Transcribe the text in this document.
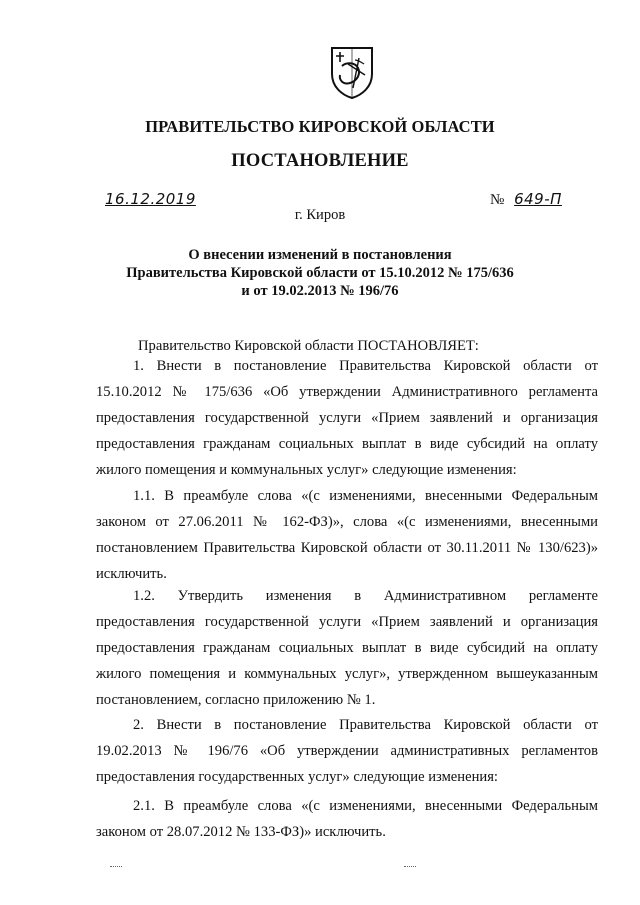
ПРАВИТЕЛЬСТВО КИРОВСКОЙ ОБЛАСТИ
ПОСТАНОВЛЕНИЕ
16.12.2019	№ 649-П
г. Киров
О внесении изменений в постановления
Правительства Кировской области от 15.10.2012 № 175/636
и от 19.02.2013 № 196/76
Правительство Кировской области ПОСТАНОВЛЯЕТ:

1. Внести в постановление Правительства Кировской области от 15.10.2012 № 175/636 «Об утверждении Административного регламента предоставления государственной услуги «Прием заявлений и организация предоставления гражданам социальных выплат в виде субсидий на оплату жилого помещения и коммунальных услуг» следующие изменения:

1.1. В преамбуле слова «(с изменениями, внесенными Федеральным законом от 27.06.2011 № 162-ФЗ)», слова «(с изменениями, внесенными постановлением Правительства Кировской области от 30.11.2011 № 130/623)» исключить.

1.2. Утвердить изменения в Административном регламенте предоставления государственной услуги «Прием заявлений и организация предоставления гражданам социальных выплат в виде субсидий на оплату жилого помещения и коммунальных услуг», утвержденном вышеуказанным постановлением, согласно приложению № 1.

2. Внести в постановление Правительства Кировской области от 19.02.2013 № 196/76 «Об утверждении административных регламентов предоставления государственных услуг» следующие изменения:

2.1. В преамбуле слова «(с изменениями, внесенными Федеральным законом от 28.07.2012 № 133-ФЗ)» исключить.
